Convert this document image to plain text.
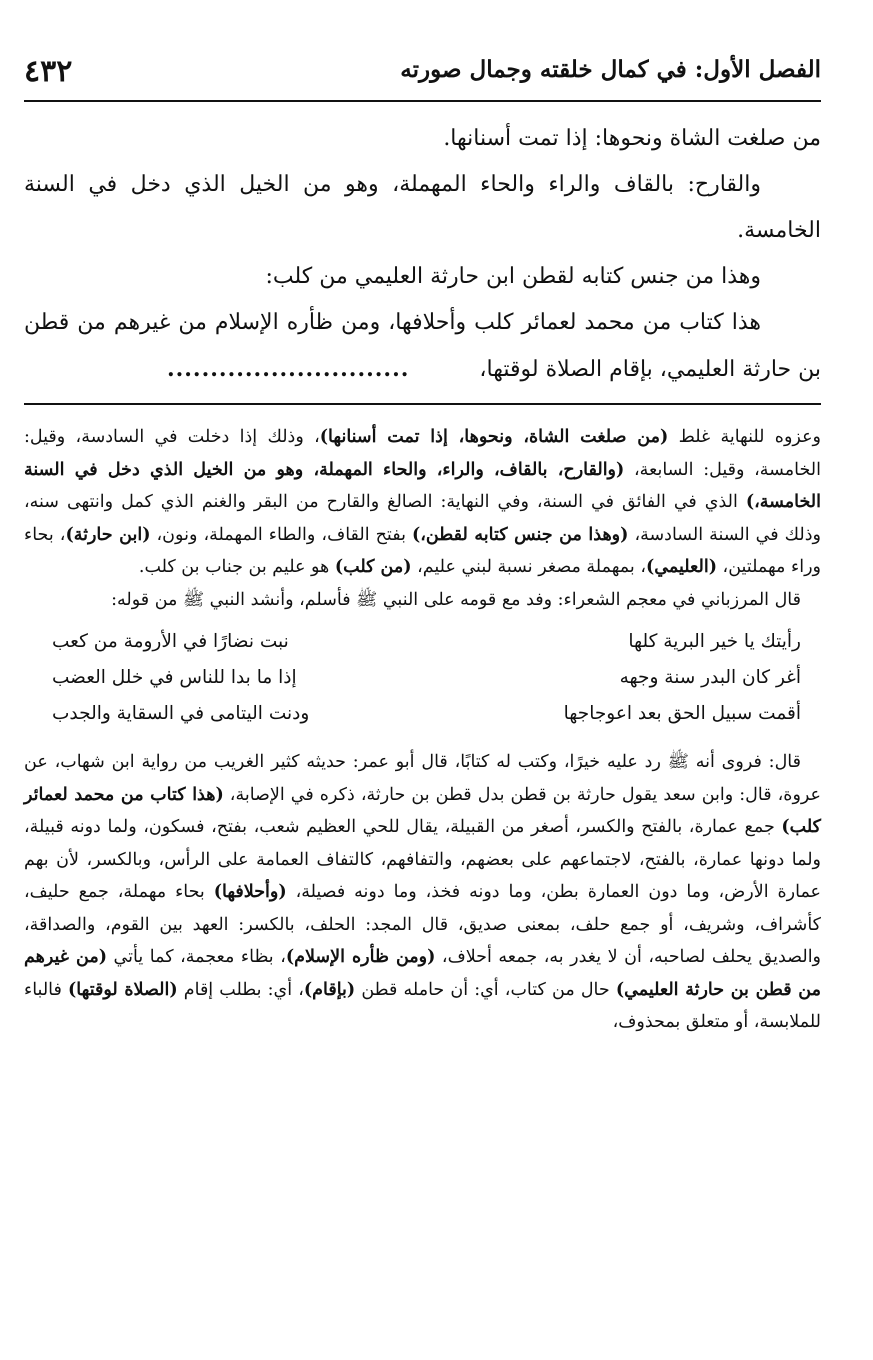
الفصل الأول: في كمال خلقته وجمال صورته
٤٣٢

من صلغت الشاة ونحوها: إذا تمت أسنانها.

والقارح: بالقاف والراء والحاء المهملة، وهو من الخيل الذي دخل في السنة الخامسة.

وهذا من جنس كتابه لقطن ابن حارثة العليمي من كلب:

هذا كتاب من محمد لعمائر كلب وأحلافها، ومن ظأره الإسلام من غيرهم من قطن بن حارثة العليمي، بإقام الصلاة لوقتها،............................

وعزوه للنهاية غلط (من صلغت الشاة، ونحوها، إذا تمت أسنانها)، وذلك إذا دخلت في السادسة، وقيل: الخامسة، وقيل: السابعة، (والقارح، بالقاف، والراء، والحاء المهملة، وهو من الخيل الذي دخل في السنة الخامسة،) الذي في الفائق في السنة، وفي النهاية: الصالغ والقارح من البقر والغنم الذي كمل وانتهى سنه، وذلك في السنة السادسة، (وهذا من جنس كتابه لقطن،) بفتح القاف، والطاء المهملة، ونون، (ابن حارثة)، بحاء وراء مهملتين، (العليمي)، بمهملة مصغر نسبة لبني عليم، (من كلب) هو عليم بن جناب بن كلب.

قال المرزباني في معجم الشعراء: وفد مع قومه على النبي ﷺ فأسلم، وأنشد النبي ﷺ من قوله:

رأيتك يا خير البرية كلها
نبت نضارًا في الأرومة من كعب
أغر كان البدر سنة وجهه
إذا ما بدا للناس في خلل العضب
أقمت سبيل الحق بعد اعوجاجها
ودنت اليتامى في السقاية والجدب

قال: فروى أنه ﷺ رد عليه خيرًا، وكتب له كتابًا، قال أبو عمر: حديثه كثير الغريب من رواية ابن شهاب، عن عروة، قال: وابن سعد يقول حارثة بن قطن بدل قطن بن حارثة، ذكره في الإصابة، (هذا كتاب من محمد لعمائر كلب) جمع عمارة، بالفتح والكسر، أصغر من القبيلة، يقال للحي العظيم شعب، بفتح، فسكون، ولما دونه قبيلة، ولما دونها عمارة، بالفتح، لاجتماعهم على بعضهم، والتفافهم، كالتفاف العمامة على الرأس، وبالكسر، لأن بهم عمارة الأرض، وما دون العمارة بطن، وما دونه فخذ، وما دونه فصيلة، (وأحلافها) بحاء مهملة، جمع حليف، كأشراف، وشريف، أو جمع حلف، بمعنى صديق، قال المجد: الحلف، بالكسر: العهد بين القوم، والصداقة، والصديق يحلف لصاحبه، أن لا يغدر به، جمعه أحلاف، (ومن ظأره الإسلام)، بظاء معجمة، كما يأتي (من غيرهم من قطن بن حارثة العليمي) حال من كتاب، أي: أن حامله قطن (بإقام)، أي: بطلب إقام (الصلاة لوقتها) فالباء للملابسة، أو متعلق بمحذوف،
